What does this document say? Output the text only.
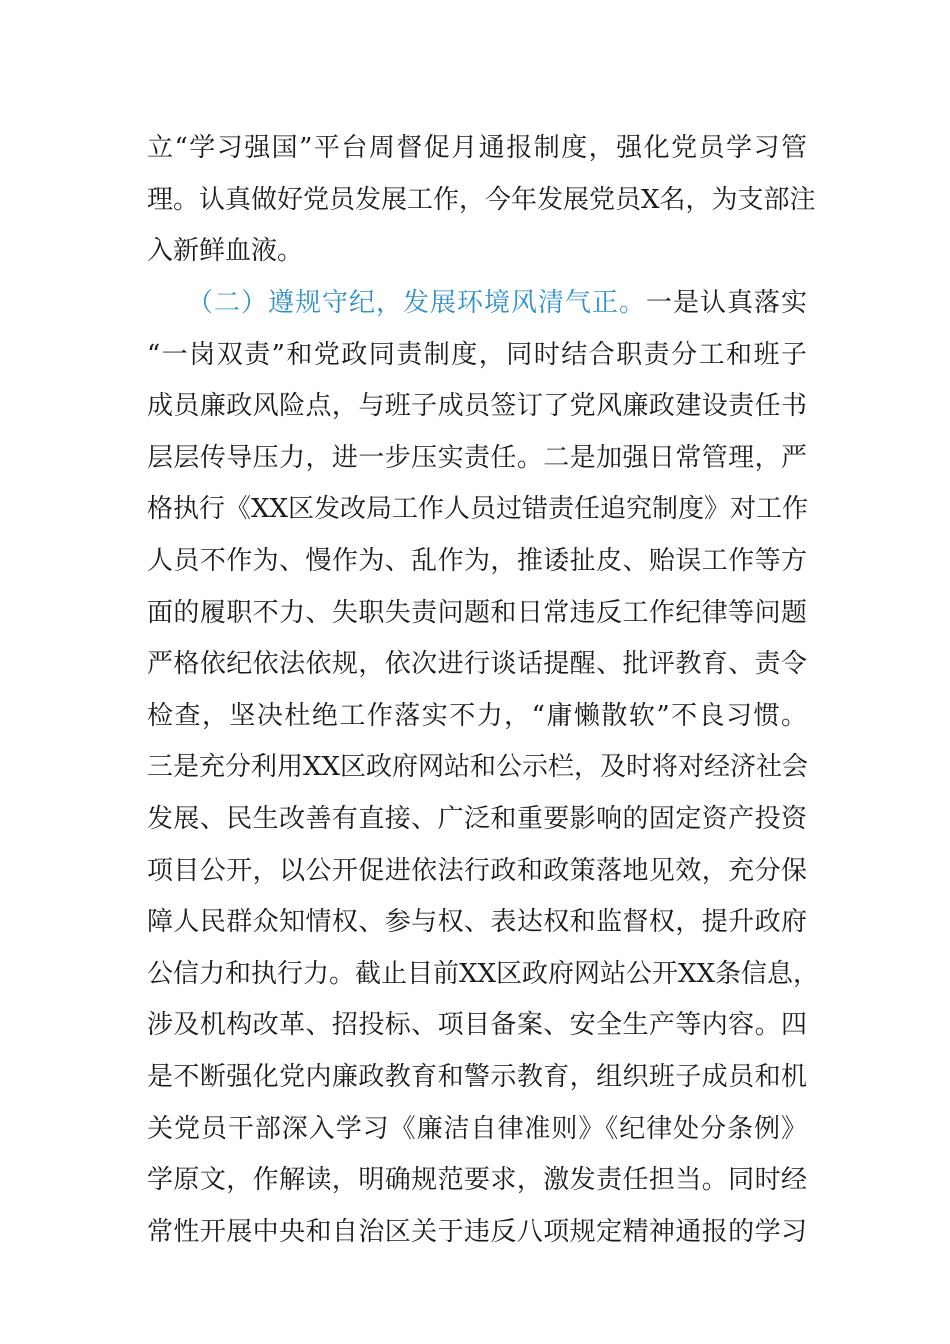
立“学习强国”平台周督促月通报制度，强化党员学习管
理。认真做好党员发展工作，今年发展党员X名，为支部注
入新鲜血液。
（二）遵规守纪，发展环境风清气正。一是认真落实
“一岗双责”和党政同责制度，同时结合职责分工和班子
成员廉政风险点，与班子成员签订了党风廉政建设责任书
层层传导压力，进一步压实责任。二是加强日常管理，严
格执行《XX区发改局工作人员过错责任追究制度》对工作
人员不作为、慢作为、乱作为，推诿扯皮、贻误工作等方
面的履职不力、失职失责问题和日常违反工作纪律等问题
严格依纪依法依规，依次进行谈话提醒、批评教育、责令
检查，坚决杜绝工作落实不力，“庸懒散软”不良习惯。
三是充分利用XX区政府网站和公示栏，及时将对经济社会
发展、民生改善有直接、广泛和重要影响的固定资产投资
项目公开，以公开促进依法行政和政策落地见效，充分保
障人民群众知情权、参与权、表达权和监督权，提升政府
公信力和执行力。截止目前XX区政府网站公开XX条信息，
涉及机构改革、招投标、项目备案、安全生产等内容。四
是不断强化党内廉政教育和警示教育，组织班子成员和机
关党员干部深入学习《廉洁自律准则》《纪律处分条例》
学原文，作解读，明确规范要求，激发责任担当。同时经
常性开展中央和自治区关于违反八项规定精神通报的学习
